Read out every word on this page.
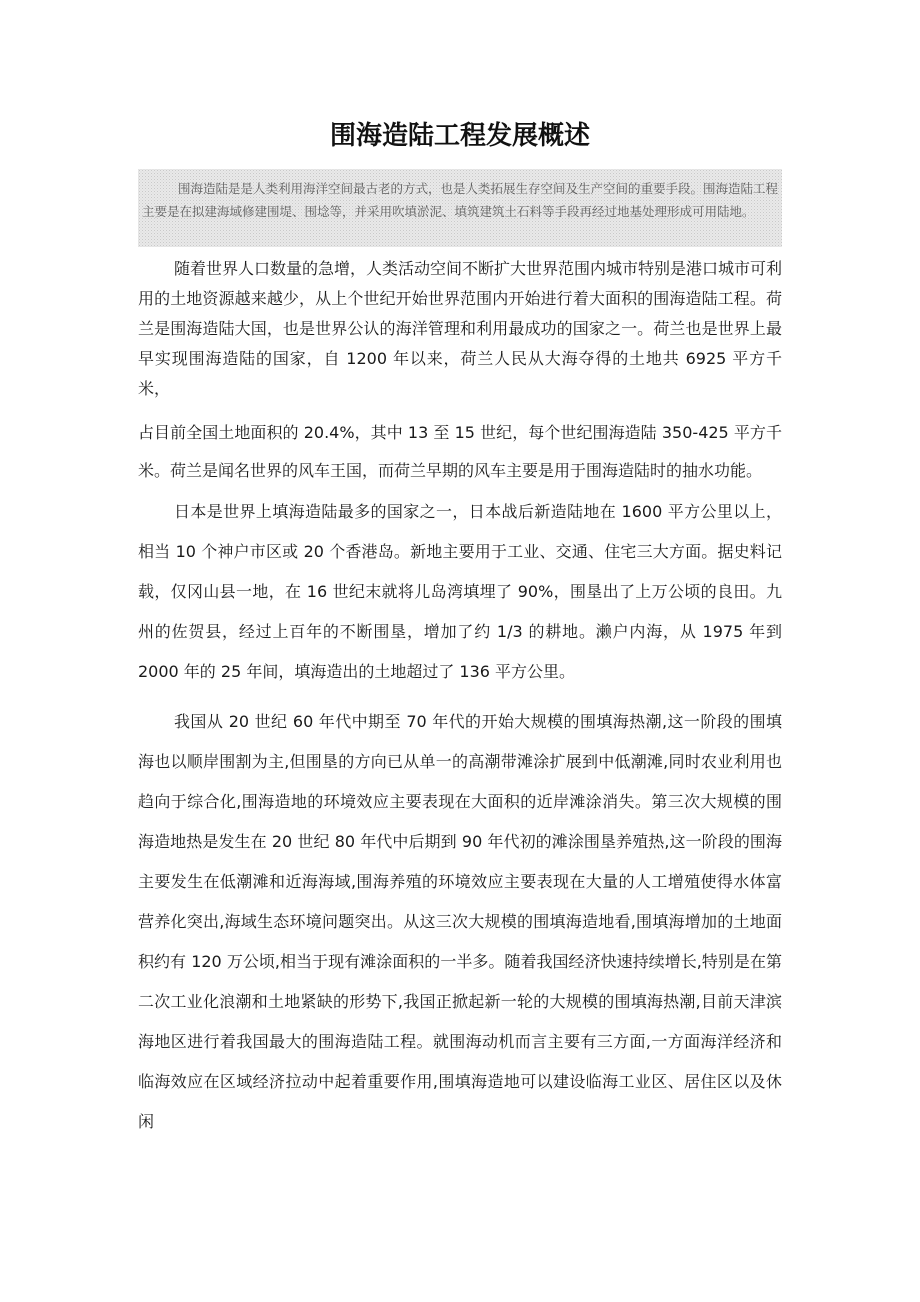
围海造陆工程发展概述
围海造陆是是人类利用海洋空间最古老的方式，也是人类拓展生存空间及生产空间的重要手段。围海造陆工程主要是在拟建海域修建围堤、围埝等，并采用吹填淤泥、填筑建筑土石料等手段再经过地基处理形成可用陆地。

随着世界人口数量的急增，人类活动空间不断扩大世界范围内城市特别是港口城市可利用的土地资源越来越少，从上个世纪开始世界范围内开始进行着大面积的围海造陆工程。荷兰是围海造陆大国，也是世界公认的海洋管理和利用最成功的国家之一。荷兰也是世界上最早实现围海造陆的国家，自 1200 年以来，荷兰人民从大海夺得的土地共 6925 平方千米，

占目前全国土地面积的 20.4%，其中 13 至 15 世纪，每个世纪围海造陆 350-425 平方千米。荷兰是闻名世界的风车王国，而荷兰早期的风车主要是用于围海造陆时的抽水功能。

日本是世界上填海造陆最多的国家之一，日本战后新造陆地在 1600 平方公里以上，相当 10 个神户市区或 20 个香港岛。新地主要用于工业、交通、住宅三大方面。据史料记载，仅冈山县一地，在 16 世纪末就将儿岛湾填埋了 90%，围垦出了上万公顷的良田。九州的佐贺县，经过上百年的不断围垦，增加了约 1/3 的耕地。濑户内海，从 1975 年到 2000 年的 25 年间，填海造出的土地超过了 136 平方公里。

我国从 20 世纪 60 年代中期至 70 年代的开始大规模的围填海热潮,这一阶段的围填海也以顺岸围割为主,但围垦的方向已从单一的高潮带滩涂扩展到中低潮滩,同时农业利用也趋向于综合化,围海造地的环境效应主要表现在大面积的近岸滩涂消失。第三次大规模的围海造地热是发生在 20 世纪 80 年代中后期到 90 年代初的滩涂围垦养殖热,这一阶段的围海主要发生在低潮滩和近海海域,围海养殖的环境效应主要表现在大量的人工增殖使得水体富营养化突出,海域生态环境问题突出。从这三次大规模的围填海造地看,围填海增加的土地面积约有 120 万公顷,相当于现有滩涂面积的一半多。随着我国经济快速持续增长,特别是在第二次工业化浪潮和土地紧缺的形势下,我国正掀起新一轮的大规模的围填海热潮,目前天津滨海地区进行着我国最大的围海造陆工程。就围海动机而言主要有三方面,一方面海洋经济和临海效应在区域经济拉动中起着重要作用,围填海造地可以建设临海工业区、居住区以及休闲
